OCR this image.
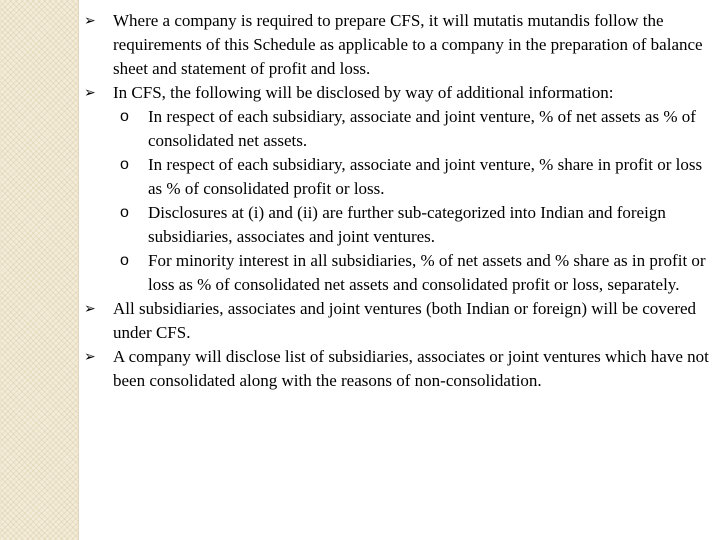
➢	Where a company is required to prepare CFS, it will mutatis mutandis follow the requirements of this Schedule as applicable to a company in the preparation of balance sheet and statement of profit and loss.
➢	In CFS, the following will be disclosed by way of additional information:
o In respect of each subsidiary, associate and joint venture, % of net assets as % of consolidated net assets.
o In respect of each subsidiary, associate and joint venture, % share in profit or loss as % of consolidated profit or loss.
o Disclosures at (i) and (ii) are further sub-categorized into Indian and foreign subsidiaries, associates and joint ventures.
o For minority interest in all subsidiaries, % of net assets and % share as in profit or loss as % of consolidated net assets and consolidated profit or loss, separately.
➢	All subsidiaries, associates and joint ventures (both Indian or foreign) will be covered under CFS.
➢	A company will disclose list of subsidiaries, associates or joint ventures which have not been consolidated along with the reasons of non-consolidation.
